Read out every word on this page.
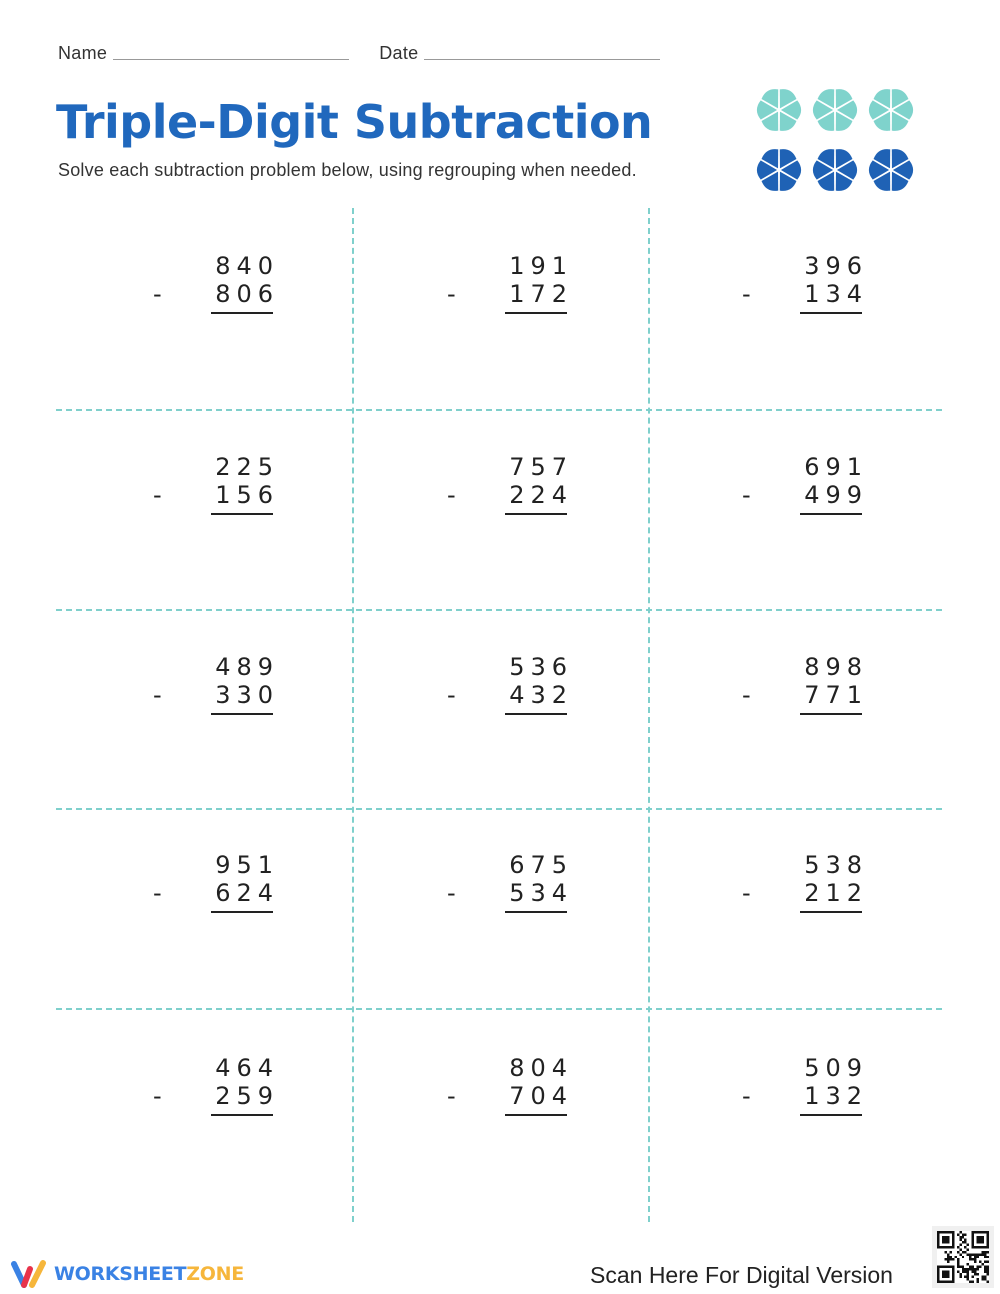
Name	Date
Triple-Digit Subtraction

Solve each subtraction problem below, using regrouping when needed.

840
- 806
191
- 172
396
- 134
225
- 156
757
- 224
691
- 499
489
- 330
536
- 432
898
- 771
951
- 624
675
- 534
538
- 212
464
- 259
804
- 704
509
- 132
WORKSHEETZONE	Scan Here For Digital Version
